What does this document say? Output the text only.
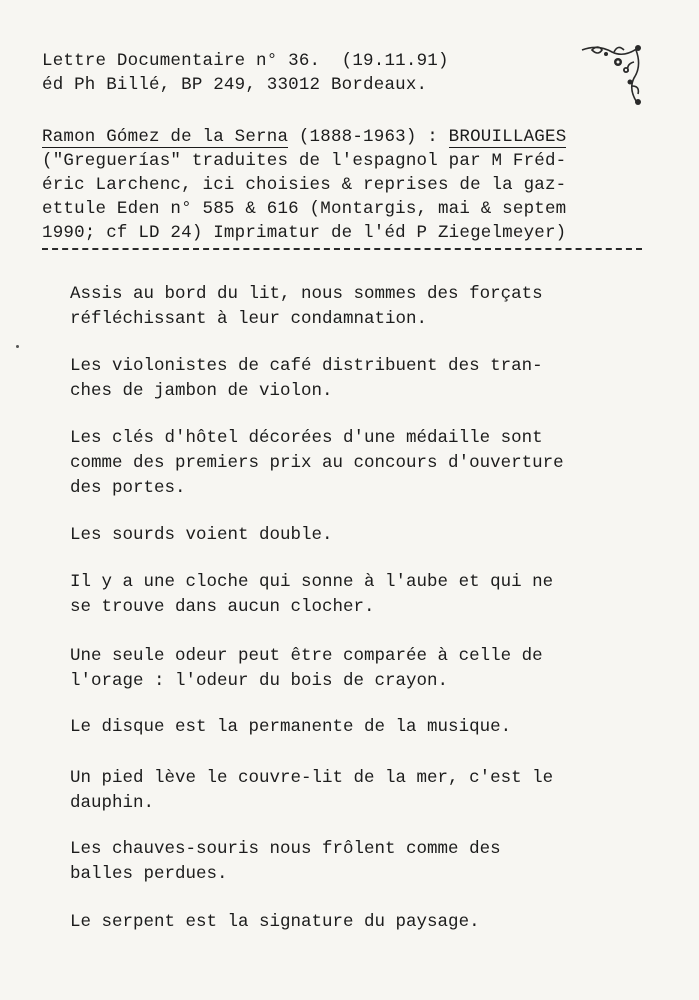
Lettre Documentaire n° 36. (19.11.91)
éd Ph Billé, BP 249, 33012 Bordeaux.
Ramon Gómez de la Serna (1888-1963) : BROUILLAGES
("Greguerías" traduites de l'espagnol par M Fréd-
éric Larchenc, ici choisies & reprises de la gaz-
ettule Eden n° 585 & 616 (Montargis, mai & septem
1990; cf LD 24) Imprimatur de l'éd P Ziegelmeyer)
Assis au bord du lit, nous sommes des forçats
réfléchissant à leur condamnation.
Les violonistes de café distribuent des tran-
ches de jambon de violon.
Les clés d'hôtel décorées d'une médaille sont
comme des premiers prix au concours d'ouverture
des portes.
Les sourds voient double.
Il y a une cloche qui sonne à l'aube et qui ne
se trouve dans aucun clocher.
Une seule odeur peut être comparée à celle de
l'orage : l'odeur du bois de crayon.
Le disque est la permanente de la musique.
Un pied lève le couvre-lit de la mer, c'est le
dauphin.
Les chauves-souris nous frôlent comme des
balles perdues.
Le serpent est la signature du paysage.
